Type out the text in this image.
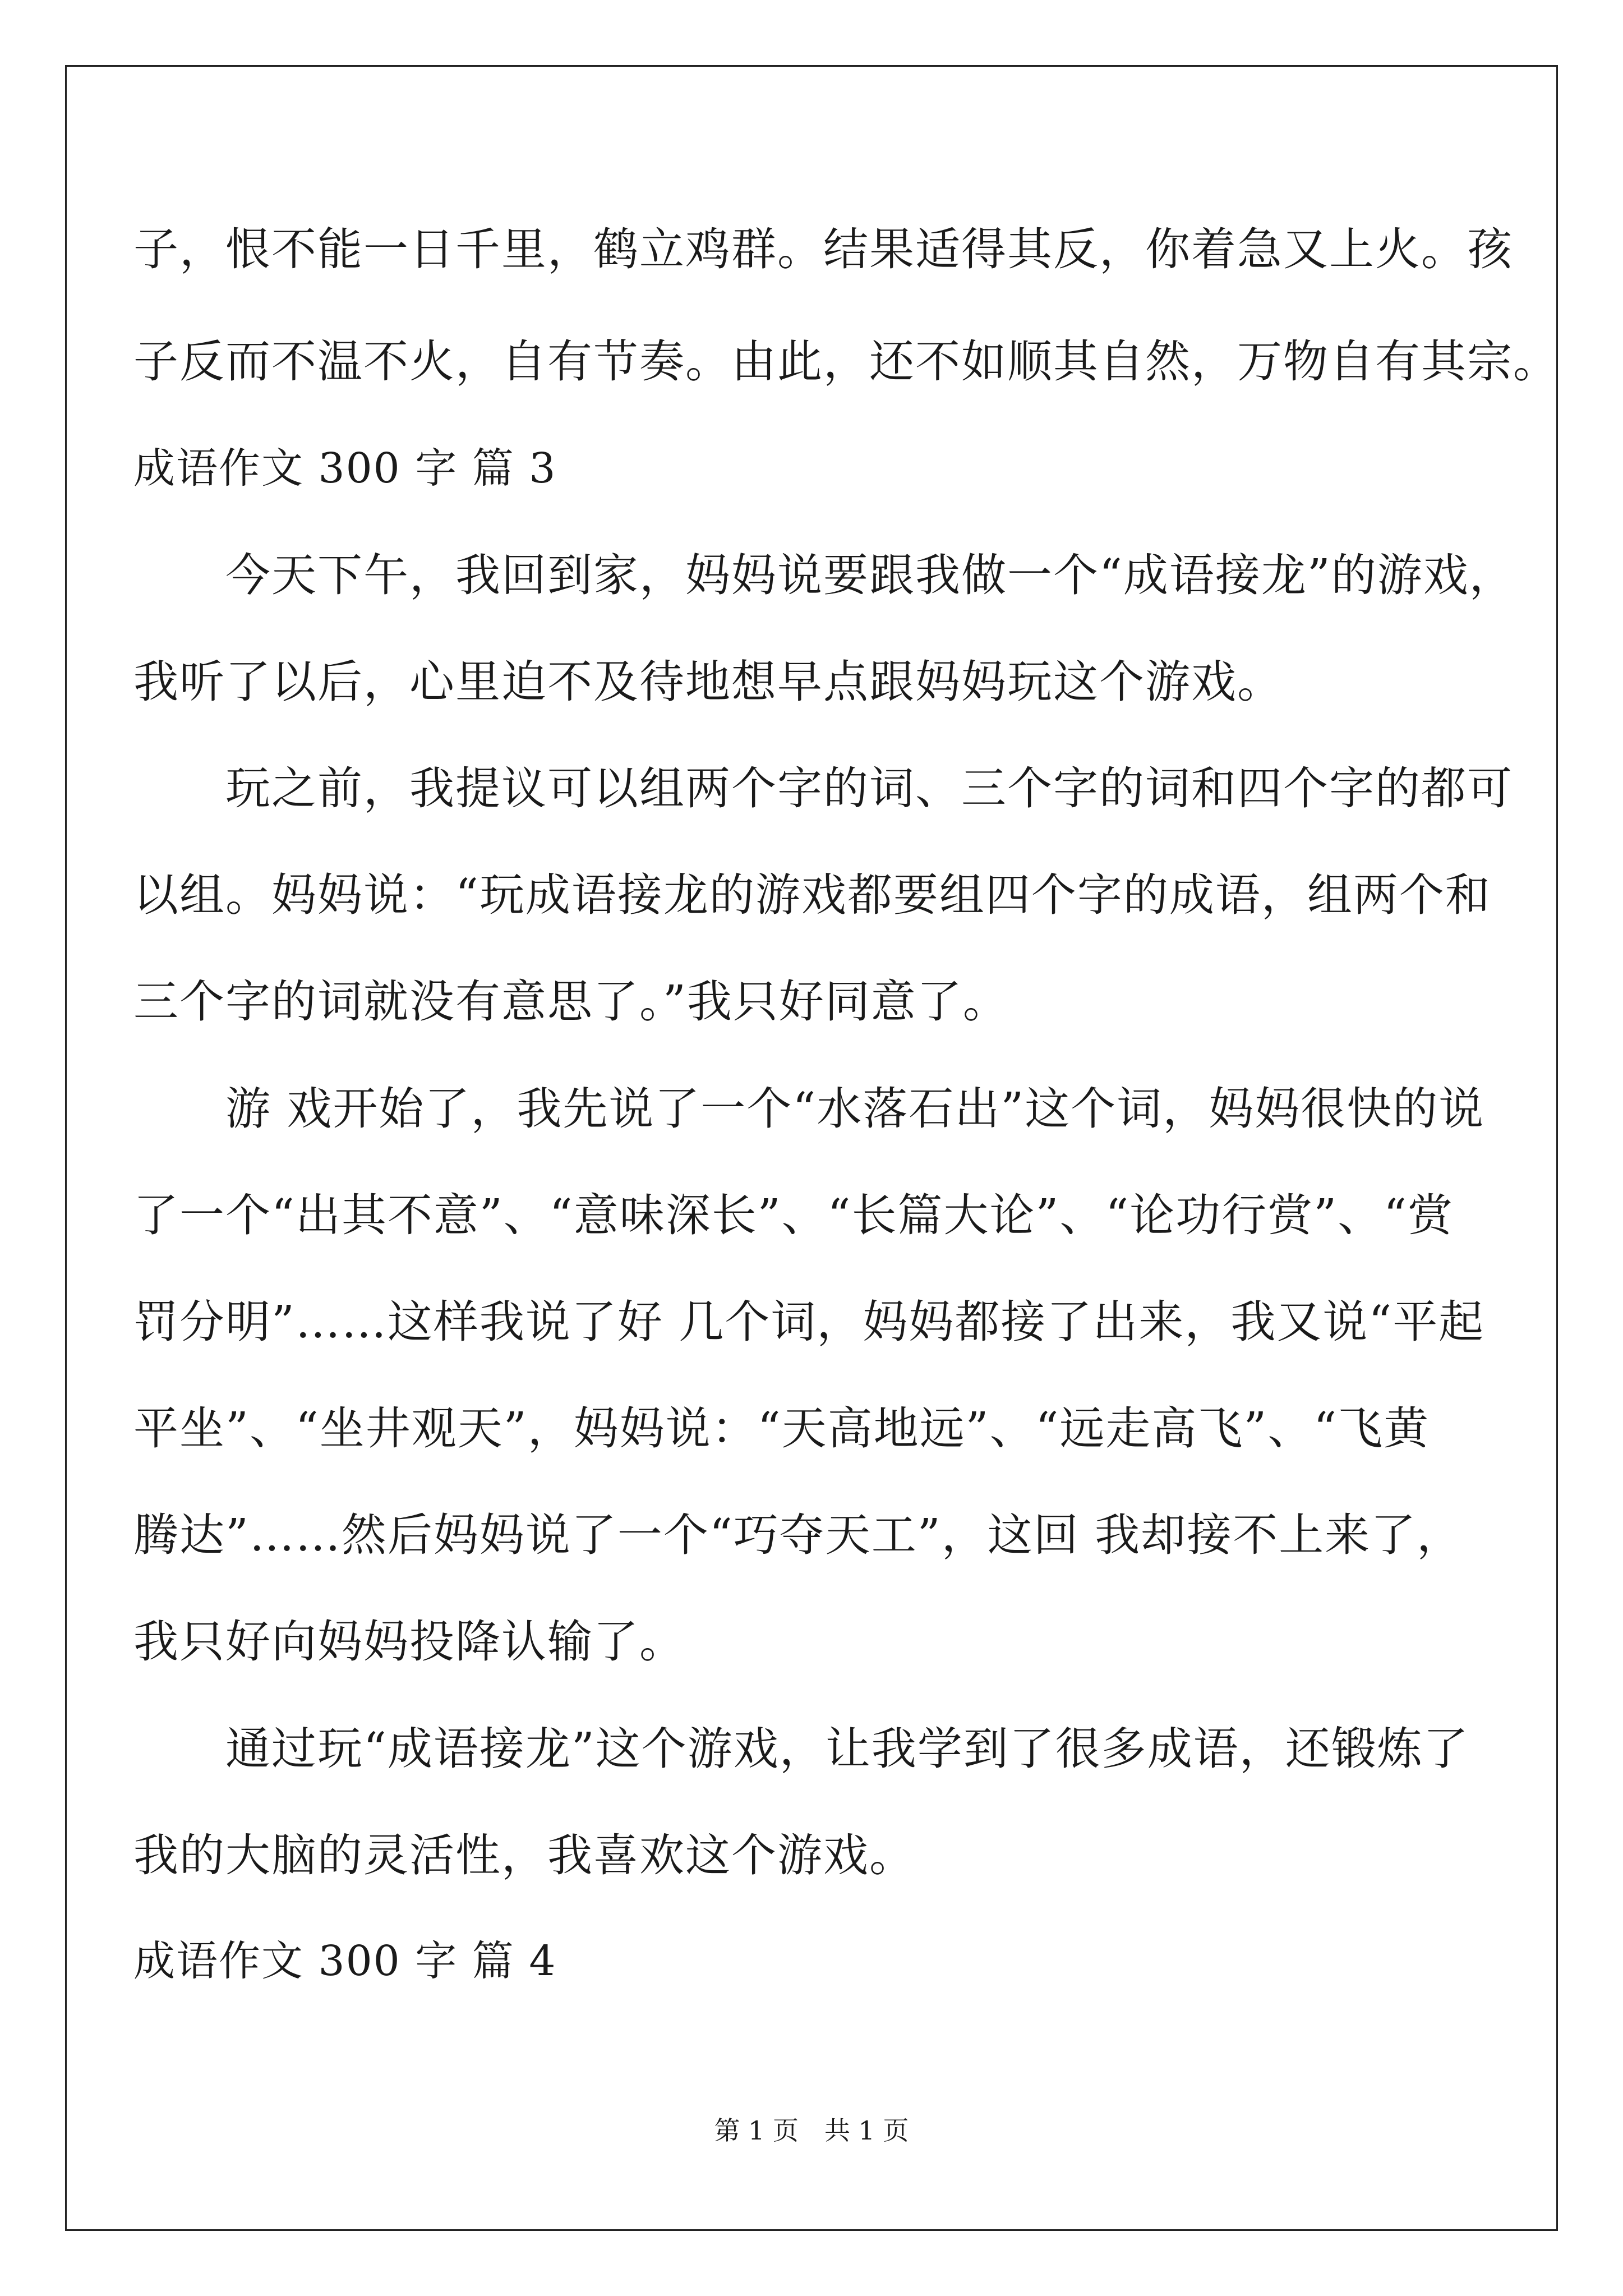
子，恨不能一日千里，鹤立鸡群。结果适得其反，你着急又上火。孩
子反而不温不火，自有节奏。由此，还不如顺其自然，万物自有其宗。
成语作文 300 字 篇 3
　　今天下午，我回到家，妈妈说要跟我做一个“成语接龙”的游戏，
我听了以后，心里迫不及待地想早点跟妈妈玩这个游戏。
　　玩之前，我提议可以组两个字的词、三个字的词和四个字的都可
以组。妈妈说：“玩成语接龙的游戏都要组四个字的成语，组两个和
三个字的词就没有意思了。”我只好同意了。
　　游 戏开始了，我先说了一个“水落石出”这个词，妈妈很快的说
了一个“出其不意”、“意味深长”、“长篇大论”、“论功行赏”、“赏
罚分明”……这样我说了好 几个词，妈妈都接了出来，我又说“平起
平坐”、“坐井观天”，妈妈说：“天高地远”、“远走高飞”、“飞黄
腾达”……然后妈妈说了一个“巧夺天工”，这回 我却接不上来了，
我只好向妈妈投降认输了。
　　通过玩“成语接龙”这个游戏，让我学到了很多成语，还锻炼了
我的大脑的灵活性，我喜欢这个游戏。
成语作文 300 字 篇 4
第 1 页　共 1 页
